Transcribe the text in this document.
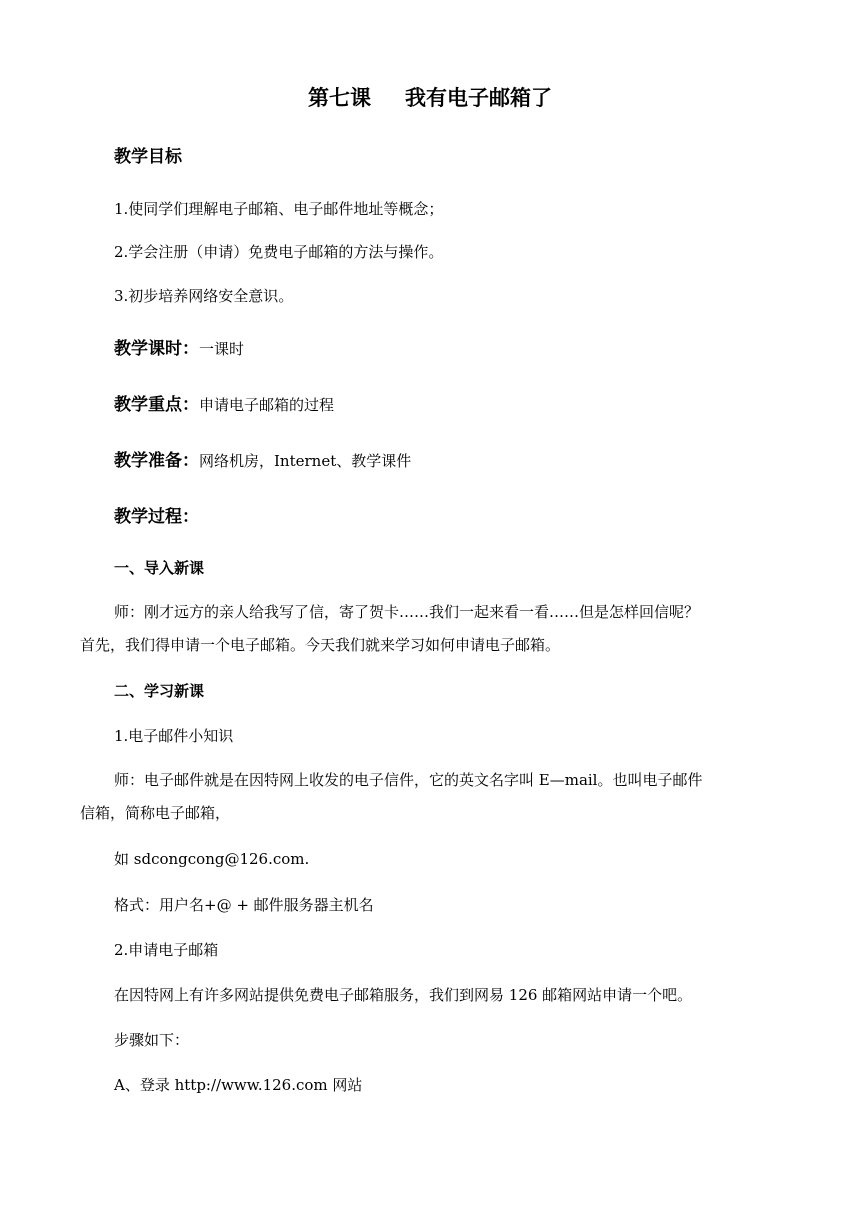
第七课 我有电子邮箱了
教学目标
1.使同学们理解电子邮箱、电子邮件地址等概念；
2.学会注册（申请）免费电子邮箱的方法与操作。
3.初步培养网络安全意识。
教学课时：一课时
教学重点：申请电子邮箱的过程
教学准备：网络机房，Internet、教学课件
教学过程：
一、导入新课
师：刚才远方的亲人给我写了信，寄了贺卡……我们一起来看一看……但是怎样回信呢？
首先，我们得申请一个电子邮箱。今天我们就来学习如何申请电子邮箱。
二、学习新课
1.电子邮件小知识
师：电子邮件就是在因特网上收发的电子信件，它的英文名字叫 E—mail。也叫电子邮件
信箱，简称电子邮箱，
如 sdcongcong@126.com.
格式：用户名+@ + 邮件服务器主机名
2.申请电子邮箱
在因特网上有许多网站提供免费电子邮箱服务，我们到网易 126 邮箱网站申请一个吧。
步骤如下：
A、登录 http://www.126.com 网站
